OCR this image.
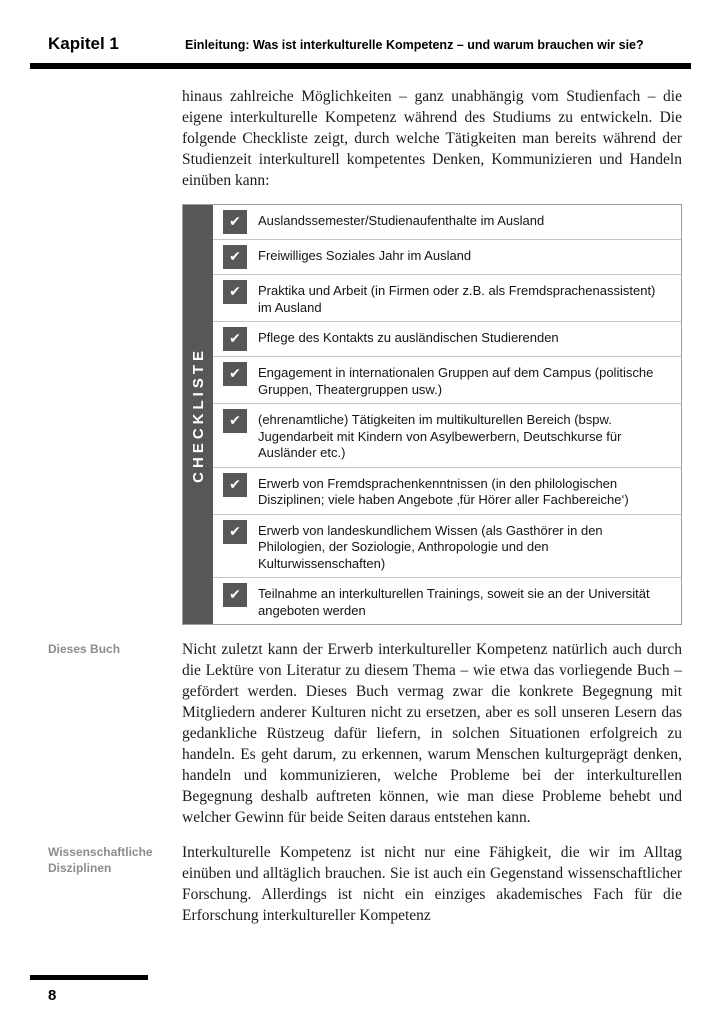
Kapitel 1	Einleitung: Was ist interkulturelle Kompetenz – und warum brauchen wir sie?

hinaus zahlreiche Möglichkeiten – ganz unabhängig vom Studienfach – die eigene interkulturelle Kompetenz während des Studiums zu entwickeln. Die folgende Checkliste zeigt, durch welche Tätigkeiten man bereits während der Studienzeit interkulturell kompetentes Denken, Kommunizieren und Handeln einüben kann:

CHECKLISTE
✔	Auslandssemester/Studienaufenthalte im Ausland
✔	Freiwilliges Soziales Jahr im Ausland
✔	Praktika und Arbeit (in Firmen oder z.B. als Fremdsprachenassistent) im Ausland
✔	Pflege des Kontakts zu ausländischen Studierenden
✔	Engagement in internationalen Gruppen auf dem Campus (politische Gruppen, Theatergruppen usw.)
✔	(ehrenamtliche) Tätigkeiten im multikulturellen Bereich (bspw. Jugendarbeit mit Kindern von Asylbewerbern, Deutschkurse für Ausländer etc.)
✔	Erwerb von Fremdsprachenkenntnissen (in den philologischen Disziplinen; viele haben Angebote ‚für Hörer aller Fachbereiche‘)
✔	Erwerb von landeskundlichem Wissen (als Gasthörer in den Philologien, der Soziologie, Anthropologie und den Kulturwissenschaften)
✔	Teilnahme an interkulturellen Trainings, soweit sie an der Universität angeboten werden
Dieses Buch	Nicht zuletzt kann der Erwerb interkultureller Kompetenz natürlich auch durch die Lektüre von Literatur zu diesem Thema – wie etwa das vorliegende Buch – gefördert werden. Dieses Buch vermag zwar die konkrete Begegnung mit Mitgliedern anderer Kulturen nicht zu ersetzen, aber es soll unseren Lesern das gedankliche Rüstzeug dafür liefern, in solchen Situationen erfolgreich zu handeln. Es geht darum, zu erkennen, warum Menschen kulturgeprägt denken, handeln und kommunizieren, welche Probleme bei der interkulturellen Begegnung deshalb auftreten können, wie man diese Probleme behebt und welcher Gewinn für beide Seiten daraus entstehen kann.

Wissenschaftliche Disziplinen

Interkulturelle Kompetenz ist nicht nur eine Fähigkeit, die wir im Alltag einüben und alltäglich brauchen. Sie ist auch ein Gegenstand wissenschaftlicher Forschung. Allerdings ist nicht ein einziges akademisches Fach für die Erforschung interkultureller Kompetenz

8
